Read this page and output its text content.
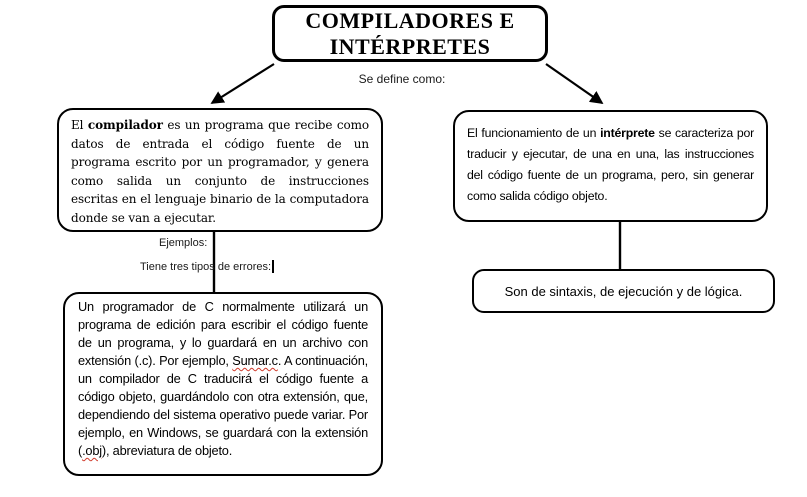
COMPILADORES E INTÉRPRETES
Se define como:
El compilador es un programa que recibe como datos de entrada el código fuente de un programa escrito por un programador, y genera como salida un conjunto de instrucciones escritas en el lenguaje binario de la computadora donde se van a ejecutar.
El funcionamiento de un intérprete se caracteriza por traducir y ejecutar, de una en una, las instrucciones del código fuente de un programa, pero, sin generar como salida código objeto.
Ejemplos:
Tiene tres tipos de errores:
Un programador de C normalmente utilizará un programa de edición para escribir el código fuente de un programa, y lo guardará en un archivo con extensión (.c). Por ejemplo, Sumar.c. A continuación, un compilador de C traducirá el código fuente a código objeto, guardándolo con otra extensión, que, dependiendo del sistema operativo puede variar. Por ejemplo, en Windows, se guardará con la extensión (.obj), abreviatura de objeto.
Son de sintaxis, de ejecución y de lógica.
